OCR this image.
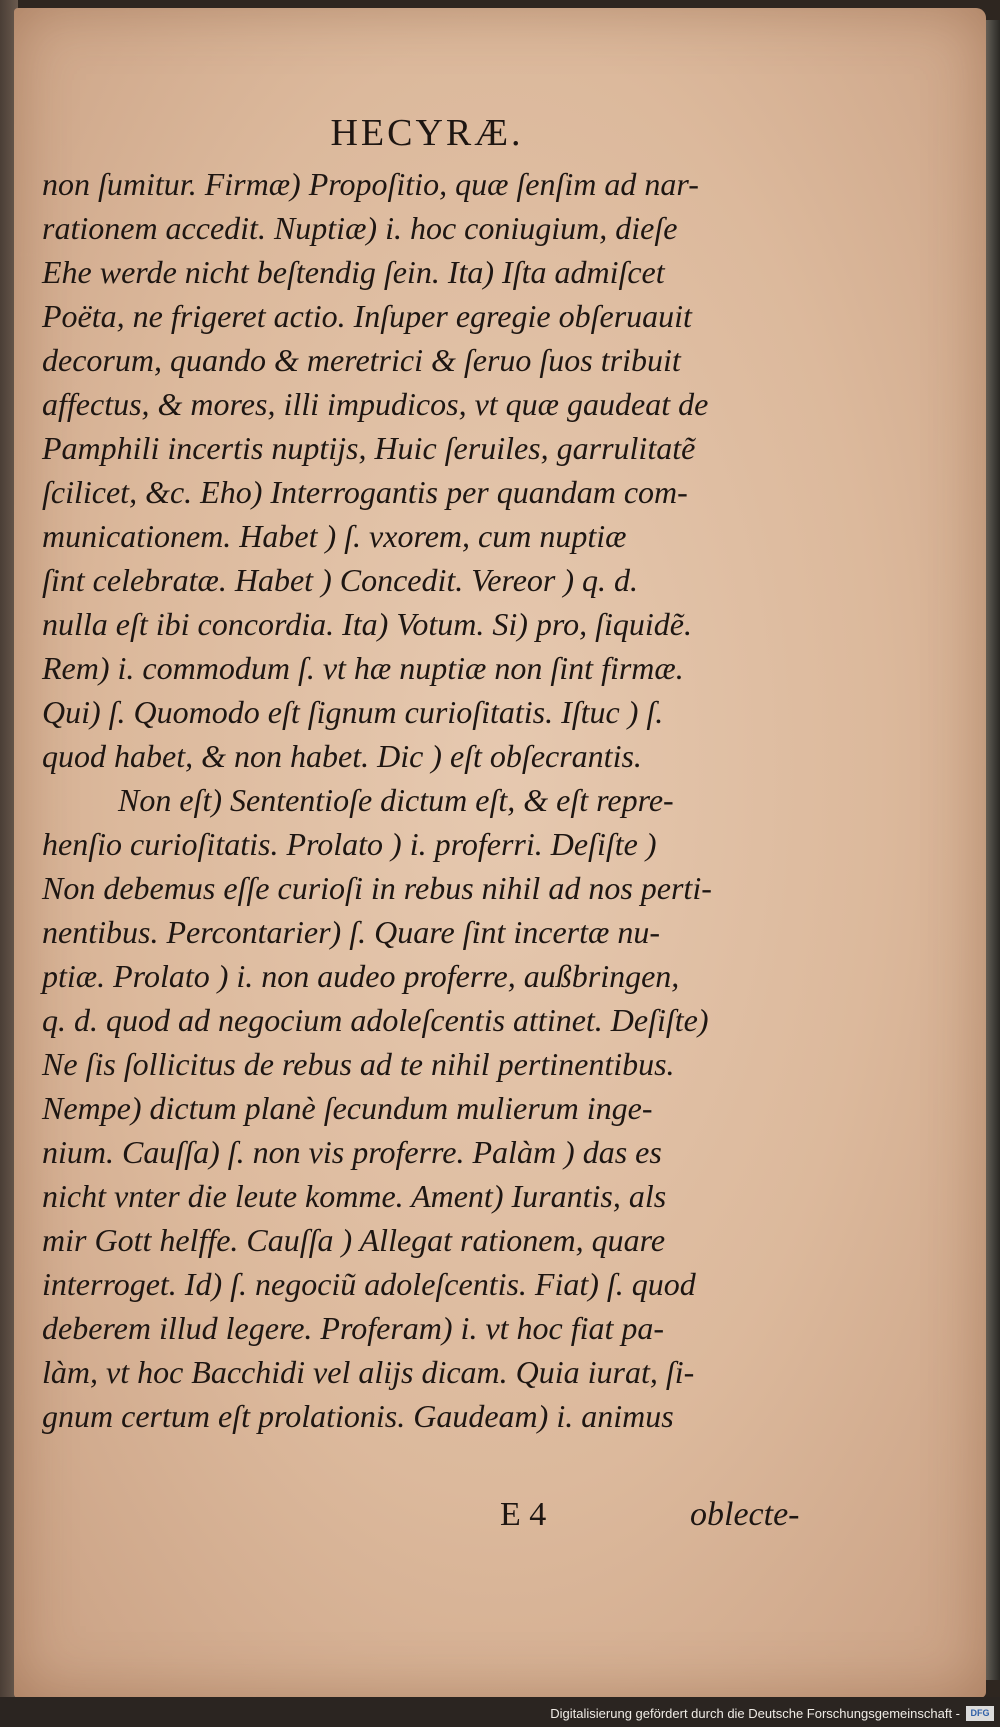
HECYRÆ.
non ſumitur. Firmæ) Propoſitio, quæ ſenſim ad nar-
rationem accedit. Nuptiæ) i. hoc coniugium, dieſe
Ehe werde nicht beſtendig ſein. Ita) Iſta admiſcet
Poëta, ne frigeret actio. Inſuper egregie obſeruauit
decorum, quando & meretrici & ſeruo ſuos tribuit
affectus, & mores, illi impudicos, vt quæ gaudeat de
Pamphili incertis nuptijs, Huic ſeruiles, garrulitatẽ
ſcilicet, &c. Eho) Interrogantis per quandam com-
municationem. Habet ) ſ. vxorem, cum nuptiæ
ſint celebratæ. Habet ) Concedit. Vereor ) q. d.
nulla eſt ibi concordia. Ita) Votum. Si) pro, ſiquidẽ.
Rem) i. commodum ſ. vt hæ nuptiæ non ſint firmæ.
Qui) ſ. Quomodo eſt ſignum curioſitatis. Iſtuc ) ſ.
quod habet, & non habet. Dic ) eſt obſecrantis.
Non eſt) Sententioſe dictum eſt, & eſt repre-
henſio curioſitatis. Prolato ) i. proferri. Deſiſte )
Non debemus eſſe curioſi in rebus nihil ad nos perti-
nentibus. Percontarier) ſ. Quare ſint incertæ nu-
ptiæ. Prolato ) i. non audeo proferre, außbringen,
q. d. quod ad negocium adoleſcentis attinet. Deſiſte)
Ne ſis ſollicitus de rebus ad te nihil pertinentibus.
Nempe) dictum planè ſecundum mulierum inge-
nium. Cauſſa) ſ. non vis proferre. Palàm ) das es
nicht vnter die leute komme. Ament) Iurantis, als
mir Gott helffe. Cauſſa ) Allegat rationem, quare
interroget. Id) ſ. negociũ adoleſcentis. Fiat) ſ. quod
deberem illud legere. Proferam) i. vt hoc fiat pa-
làm, vt hoc Bacchidi vel alijs dicam. Quia iurat, ſi-
gnum certum eſt prolationis. Gaudeam) i. animus
E 4	oblecte-
Digitalisierung gefördert durch die Deutsche Forschungsgemeinschaft -	DFG
